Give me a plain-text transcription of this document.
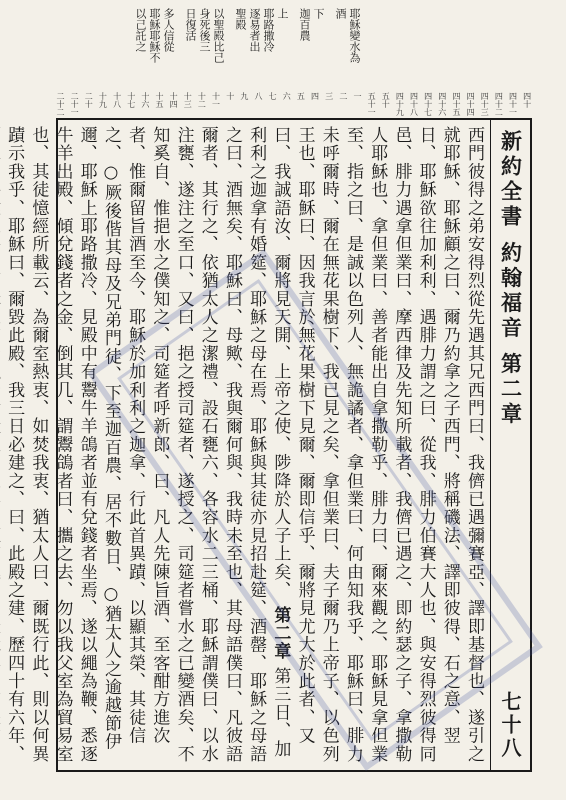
耶穌變水為
酒
下
迦百農
上
耶路撒冷
逐易者出
聖殿
以聖殿比己
身死後三
日復活
多人信從
耶穌耶穌不
以己託之
四十
四十一
四十二
四十三
四十四
四十五
四十六
四十七
四十八
四十九
五十
五十一
一
二
三
四
五
六
七
八
九
十
十一
十二
十三
十四
十五
十六
十七
十八
十九
二十
二十一
二十二
新約全書 約翰福音 第二章
七十八
西門彼得之弟安得烈從先遇其兄西門曰、我儕已遇彌賽亞、譯即基督也、遂引之就耶穌、耶穌顧之曰、爾乃約拿之子西門、將稱磯法、譯即彼得、石之意、翌日、耶穌欲往加利利、遇腓力謂之曰、從我、腓力伯賽大人也、與安得烈彼得同邑、腓力遇拿但業曰、摩西律及先知所載者、我儕已遇之、即約瑟之子、拿撒勒人耶穌也、拿但業曰、善者能出自拿撒勒乎、腓力曰、爾來觀之、耶穌見拿但業至、指之曰、是誠以色列人、無詭譎者、拿但業曰、何由知我乎、耶穌曰、腓力未呼爾時、爾在無花果樹下、我已見之矣、拿但業曰、夫子爾乃上帝子、以色列王也、耶穌曰、因我言於無花果樹下見爾、爾即信乎、爾將見尤大於此者、又曰、我誠語汝、爾將見天開、上帝之使、陟降於人子上矣、 第二章 第三日、加利利之迦拿有婚筵、耶穌之母在焉、耶穌與其徒亦見招赴筵、酒罄、耶穌之母語之曰、酒無矣、耶穌曰、母歟、我與爾何與、我時未至也、其母語僕曰、凡彼語爾者、其行之、依猶太人之潔禮、設石甕六、各容水二三桶、耶穌謂僕曰、以水注甕、遂注之至口、又曰、挹之授司筵者、遂授之、司筵者嘗水之已變酒矣、不知奚自、惟挹水之僕知之、司筵者呼新郎、曰、凡人先陳旨酒、至客酣方進次者、惟爾留旨酒至今、耶穌於加利利之迦拿、行此首異蹟、以顯其榮、其徒信之、○厥後偕其母及兄弟門徒、下至迦百農、居不數日、○猶太人之逾越節伊邇、耶穌上耶路撒冷、見殿中有鬻牛羊鴿者並有兌錢者坐焉、遂以繩為鞭、悉逐牛羊出殿、傾兌錢者之金、倒其几、謂鬻鴿者曰、攜之去、勿以我父室為貿易室也、其徒憶經所載云、為爾室熱衷、如焚我衷、猶太人曰、爾既行此、則以何異蹟示我乎、耶穌曰、爾毀此殿、我三日必建之、曰、此殿之建、歷四十有六年、
